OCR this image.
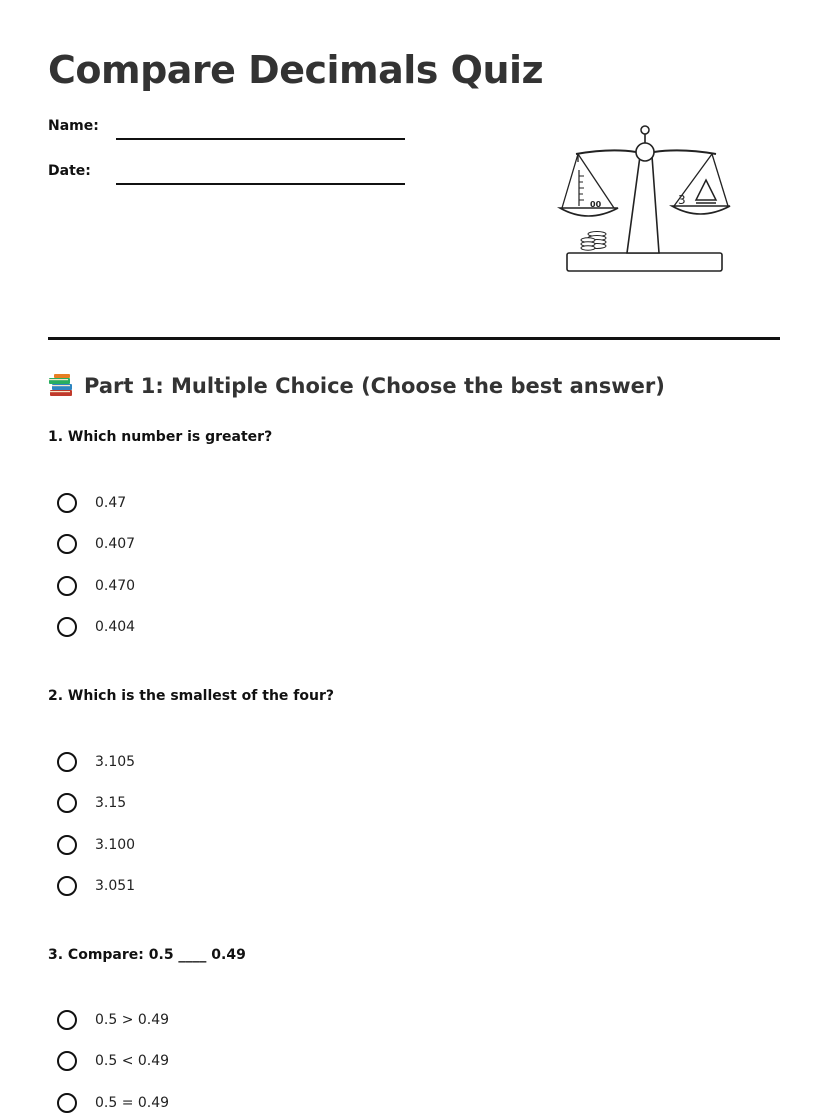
Compare Decimals Quiz
Name:
Date:
00	3
Part 1: Multiple Choice (Choose the best answer)
1. Which number is greater?
0.47
0.407
0.470
0.404
2. Which is the smallest of the four?
3.105
3.15
3.100
3.051
3. Compare: 0.5 ____ 0.49
0.5 > 0.49
0.5 < 0.49
0.5 = 0.49
